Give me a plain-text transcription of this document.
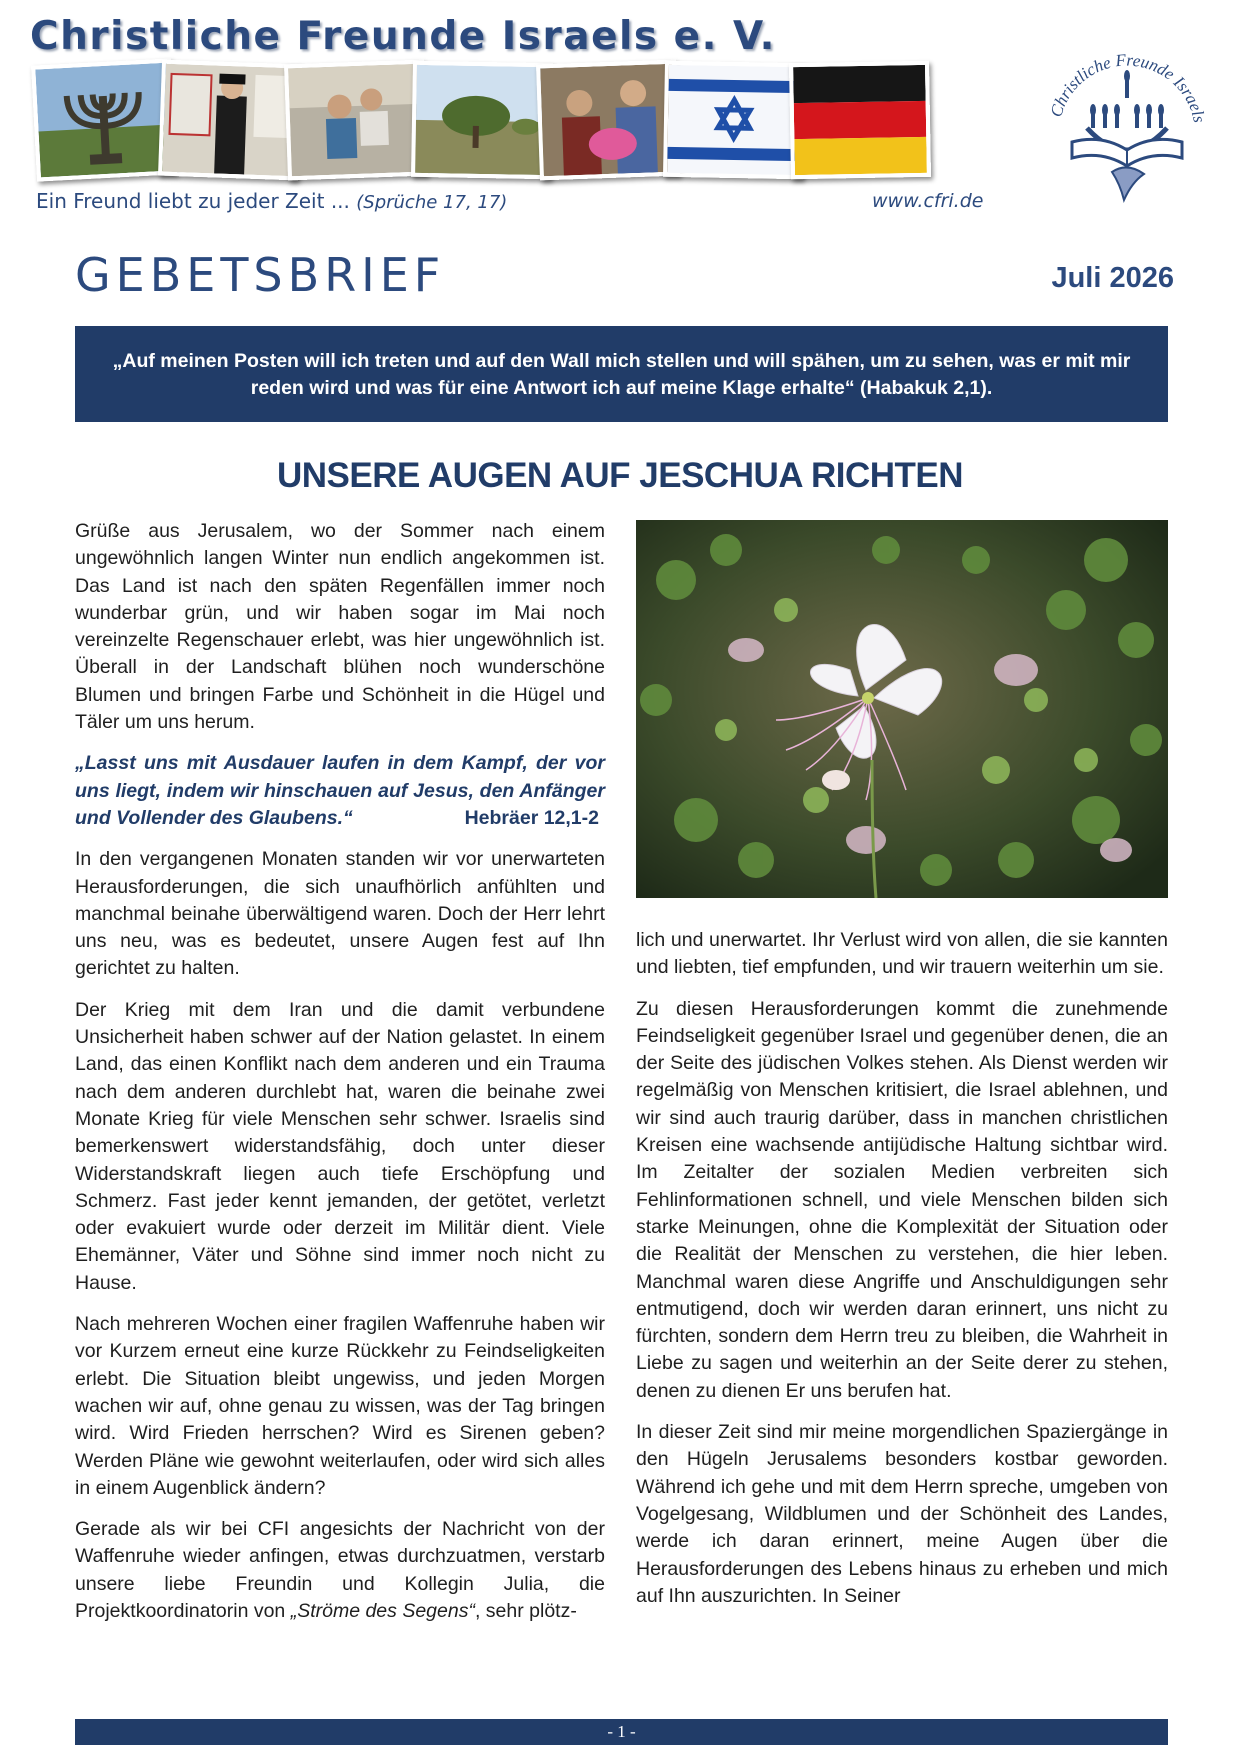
Christliche Freunde Israels e. V.
Ein Freund liebt zu jeder Zeit ... (Sprüche 17, 17)	www.cfri.de
Christliche Freunde Israels
GEBETSBRIEF	Juli 2026
„Auf meinen Posten will ich treten und auf den Wall mich stellen und will spähen, um zu sehen, was er mit mir reden wird und was für eine Antwort ich auf meine Klage erhalte“ (Habakuk 2,1).
UNSERE AUGEN AUF JESCHUA RICHTEN

Grüße aus Jerusalem, wo der Sommer nach einem ungewöhnlich langen Winter nun endlich angekommen ist. Das Land ist nach den späten Regenfällen immer noch wunderbar grün, und wir haben sogar im Mai noch vereinzelte Regenschauer erlebt, was hier ungewöhnlich ist. Überall in der Landschaft blühen noch wunderschöne Blumen und bringen Farbe und Schönheit in die Hügel und Täler um uns herum.

„Lasst uns mit Ausdauer laufen in dem Kampf, der vor uns liegt, indem wir hinschauen auf Jesus, den Anfänger und Vollender des Glaubens.“	Hebräer 12,1-2

In den vergangenen Monaten standen wir vor unerwarteten Herausforderungen, die sich unaufhörlich anfühlten und manchmal beinahe überwältigend waren. Doch der Herr lehrt uns neu, was es bedeutet, unsere Augen fest auf Ihn gerichtet zu halten.

Der Krieg mit dem Iran und die damit verbundene Unsicherheit haben schwer auf der Nation gelastet. In einem Land, das einen Konflikt nach dem anderen und ein Trauma nach dem anderen durchlebt hat, waren die beinahe zwei Monate Krieg für viele Menschen sehr schwer. Israelis sind bemerkenswert widerstandsfähig, doch unter dieser Widerstandskraft liegen auch tiefe Erschöpfung und Schmerz. Fast jeder kennt jemanden, der getötet, verletzt oder evakuiert wurde oder derzeit im Militär dient. Viele Ehemänner, Väter und Söhne sind immer noch nicht zu Hause.

Nach mehreren Wochen einer fragilen Waffenruhe haben wir vor Kurzem erneut eine kurze Rückkehr zu Feindseligkeiten erlebt. Die Situation bleibt ungewiss, und jeden Morgen wachen wir auf, ohne genau zu wissen, was der Tag bringen wird. Wird Frieden herrschen? Wird es Sirenen geben? Werden Pläne wie gewohnt weiterlaufen, oder wird sich alles in einem Augenblick ändern?

Gerade als wir bei CFI angesichts der Nachricht von der Waffenruhe wieder anfingen, etwas durchzuatmen, verstarb unsere liebe Freundin und Kollegin Julia, die Projektkoordinatorin von „Ströme des Segens“, sehr plötz-

lich und unerwartet. Ihr Verlust wird von allen, die sie kannten und liebten, tief empfunden, und wir trauern weiterhin um sie.

Zu diesen Herausforderungen kommt die zunehmende Feindseligkeit gegenüber Israel und gegenüber denen, die an der Seite des jüdischen Volkes stehen. Als Dienst werden wir regelmäßig von Menschen kritisiert, die Israel ablehnen, und wir sind auch traurig darüber, dass in manchen christlichen Kreisen eine wachsende antijüdische Haltung sichtbar wird. Im Zeitalter der sozialen Medien verbreiten sich Fehlinformationen schnell, und viele Menschen bilden sich starke Meinungen, ohne die Komplexität der Situation oder die Realität der Menschen zu verstehen, die hier leben. Manchmal waren diese Angriffe und Anschuldigungen sehr entmutigend, doch wir werden daran erinnert, uns nicht zu fürchten, sondern dem Herrn treu zu bleiben, die Wahrheit in Liebe zu sagen und weiterhin an der Seite derer zu stehen, denen zu dienen Er uns berufen hat.

In dieser Zeit sind mir meine morgendlichen Spaziergänge in den Hügeln Jerusalems besonders kostbar geworden. Während ich gehe und mit dem Herrn spreche, umgeben von Vogelgesang, Wildblumen und der Schönheit des Landes, werde ich daran erinnert, meine Augen über die Herausforderungen des Lebens hinaus zu erheben und mich auf Ihn auszurichten. In Seiner

- 1 -
